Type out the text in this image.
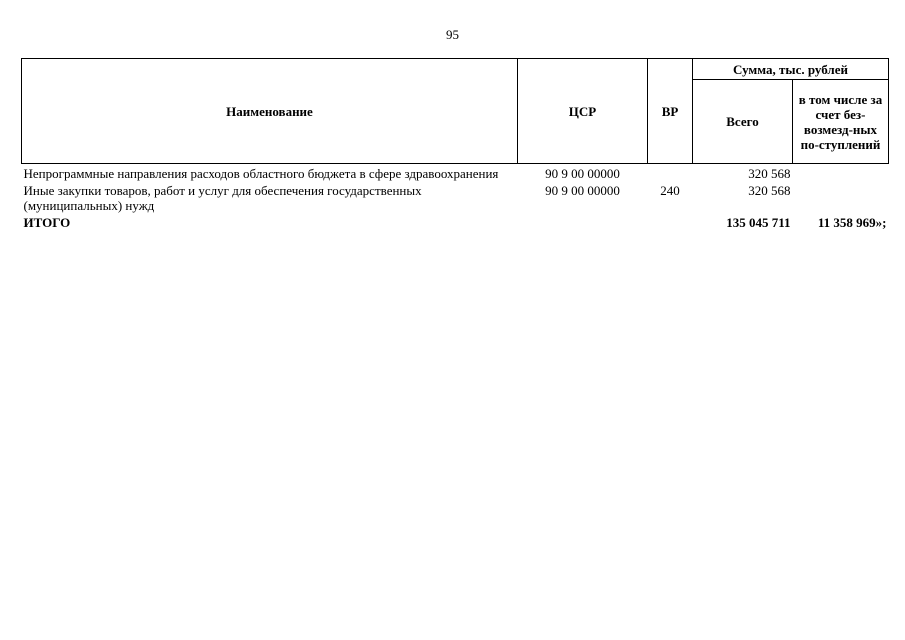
95
Наименование	ЦСР	ВР	Сумма, тыс. рублей	
			Всего	в том числе за счет без-возмезд-ных по-ступлений
Непрограммные направления расходов областного бюджета в сфере здравоохранения	90 9 00 00000		320 568	
Иные закупки товаров, работ и услуг для обеспечения государственных (муниципальных) нужд	90 9 00 00000	240	320 568	
ИТОГО			135 045 711	11 358 969»;
